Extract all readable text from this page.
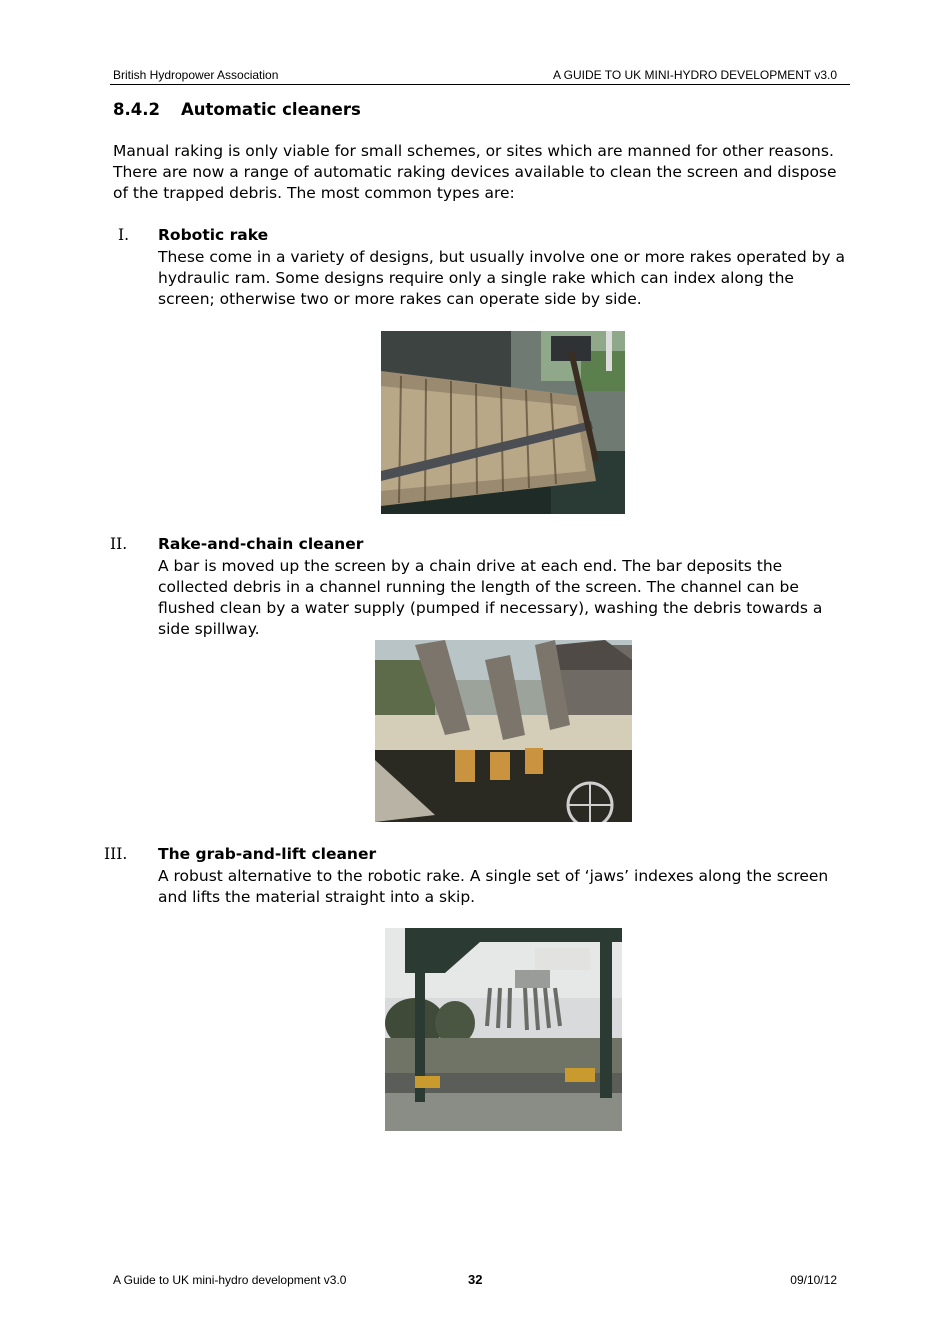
British Hydropower Association	A GUIDE TO UK MINI-HYDRO DEVELOPMENT v3.0
8.4.2 Automatic cleaners
Manual raking is only viable for small schemes, or sites which are manned for other reasons. There are now a range of automatic raking devices available to clean the screen and dispose of the trapped debris. The most common types are:
I. Robotic rake
These come in a variety of designs, but usually involve one or more rakes operated by a hydraulic ram. Some designs require only a single rake which can index along the screen; otherwise two or more rakes can operate side by side.
II. Rake-and-chain cleaner
A bar is moved up the screen by a chain drive at each end. The bar deposits the collected debris in a channel running the length of the screen. The channel can be flushed clean by a water supply (pumped if necessary), washing the debris towards a side spillway.
III. The grab-and-lift cleaner
A robust alternative to the robotic rake. A single set of ‘jaws’ indexes along the screen and lifts the material straight into a skip.
A Guide to UK mini-hydro development v3.0	32	09/10/12
